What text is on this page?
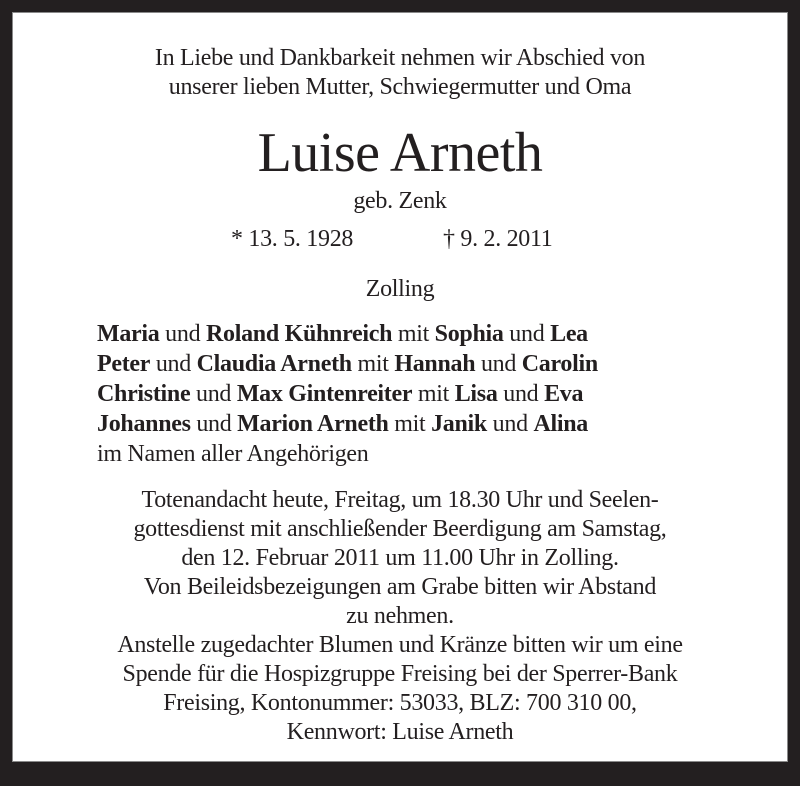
In Liebe und Dankbarkeit nehmen wir Abschied von
unserer lieben Mutter, Schwiegermutter und Oma
Luise Arneth
geb. Zenk
* 13. 5. 1928	† 9. 2. 2011
Zolling
Maria und Roland Kühnreich mit Sophia und Lea
Peter und Claudia Arneth mit Hannah und Carolin
Christine und Max Gintenreiter mit Lisa und Eva
Johannes und Marion Arneth mit Janik und Alina
im Namen aller Angehörigen
Totenandacht heute, Freitag, um 18.30 Uhr und Seelen-
gottesdienst mit anschließender Beerdigung am Samstag,
den 12. Februar 2011 um 11.00 Uhr in Zolling.
Von Beileidsbezeigungen am Grabe bitten wir Abstand
zu nehmen.
Anstelle zugedachter Blumen und Kränze bitten wir um eine
Spende für die Hospizgruppe Freising bei der Sperrer-Bank
Freising, Kontonummer: 53033, BLZ: 700 310 00,
Kennwort: Luise Arneth
